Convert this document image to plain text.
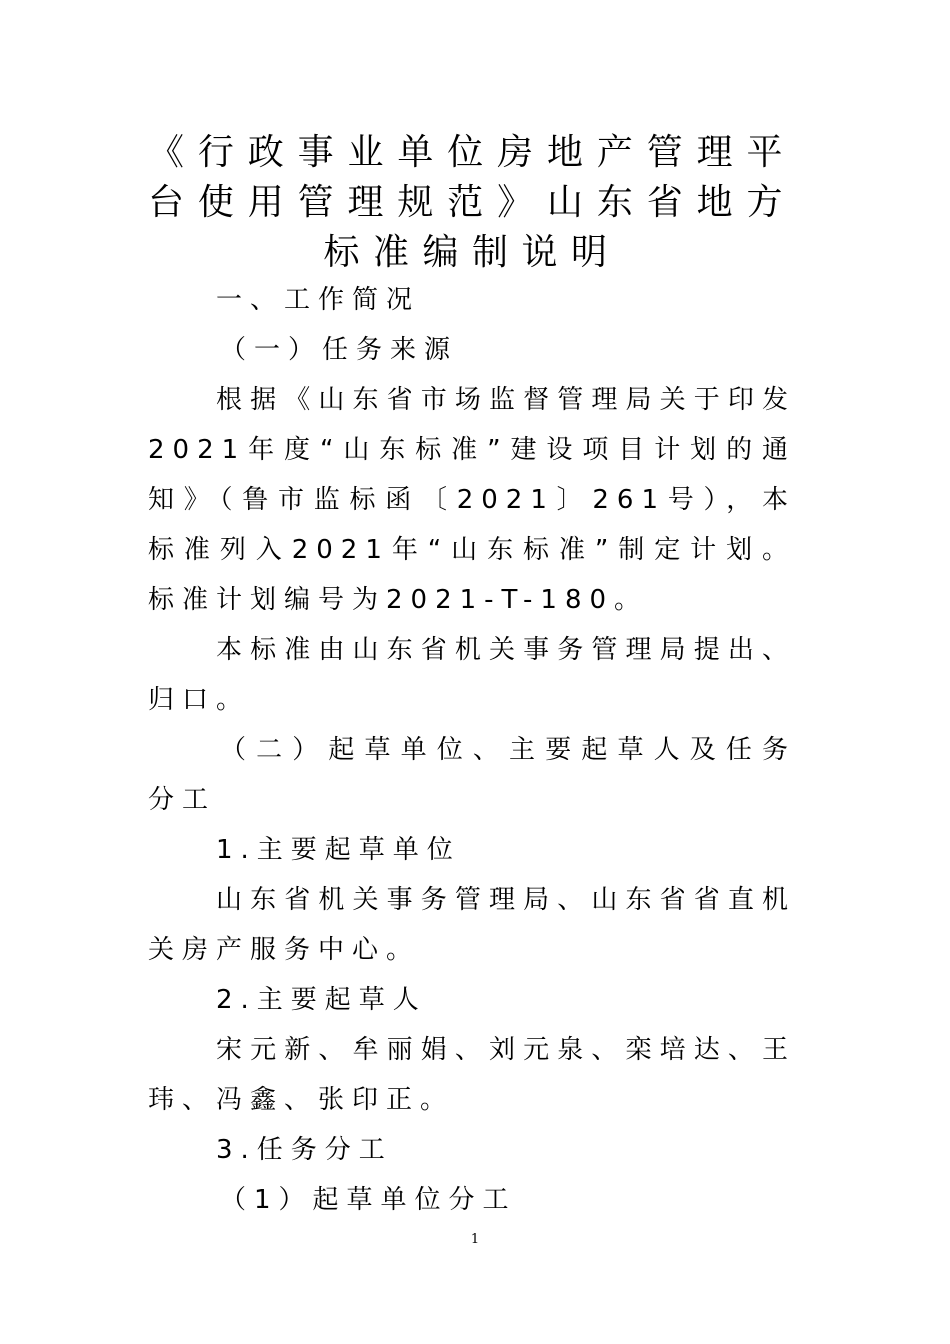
《行政事业单位房地产管理平台使用管理规范》山东省地方标准编制说明

一、工作简况

（一）任务来源

根据《山东省市场监督管理局关于印发2021年度“山东标准”建设项目计划的通知》（鲁市监标函〔2021〕261号），本标准列入2021年“山东标准”制定计划。标准计划编号为2021-T-180。

本标准由山东省机关事务管理局提出、归口。

（二）起草单位、主要起草人及任务分工

1.主要起草单位

山东省机关事务管理局、山东省省直机关房产服务中心。

2.主要起草人

宋元新、牟丽娟、刘元泉、栾培达、王玮、冯鑫、张印正。

3.任务分工

（1）起草单位分工

1
